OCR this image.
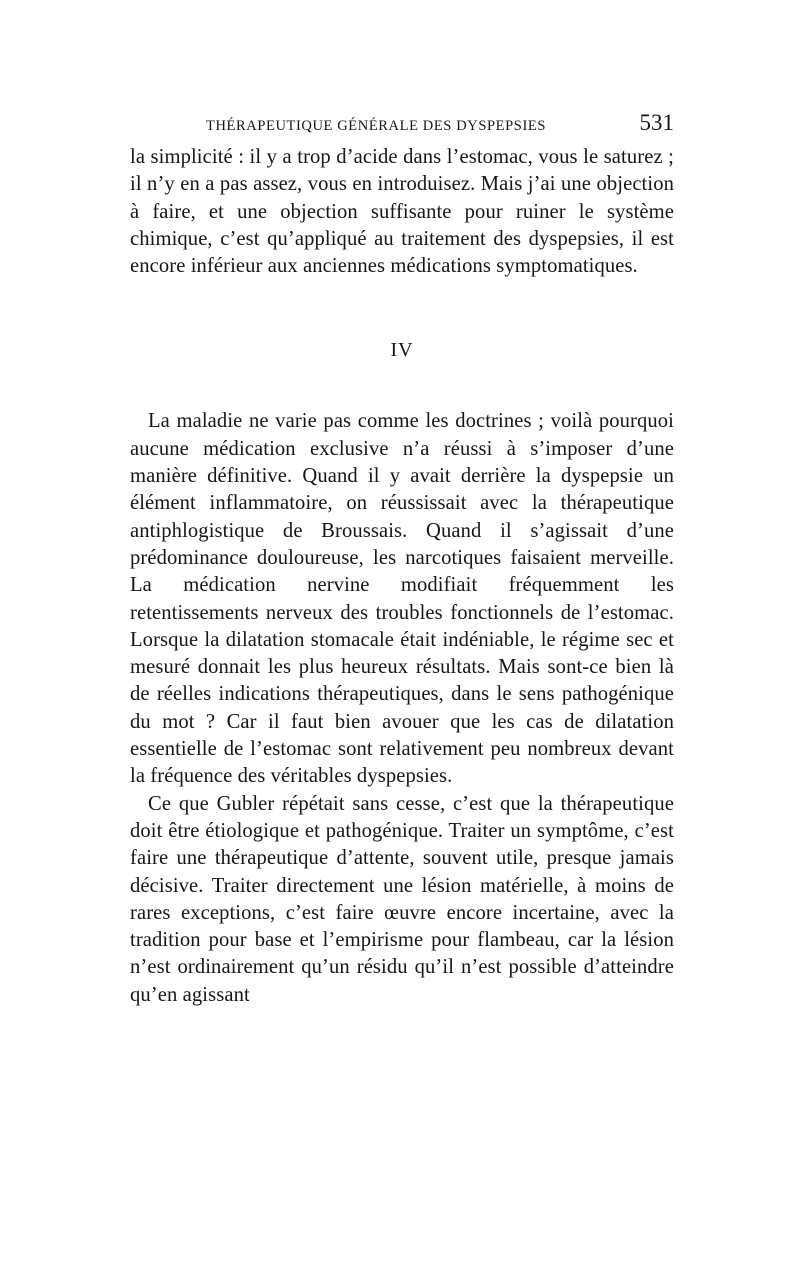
THÉRAPEUTIQUE GÉNÉRALE DES DYSPEPSIES	531

la simplicité : il y a trop d’acide dans l’estomac, vous le saturez ; il n’y en a pas assez, vous en introduisez. Mais j’ai une objection à faire, et une objection suffisante pour ruiner le système chimique, c’est qu’appliqué au traitement des dyspepsies, il est encore inférieur aux anciennes médications symptomatiques.

IV

La maladie ne varie pas comme les doctrines ; voilà pourquoi aucune médication exclusive n’a réussi à s’imposer d’une manière définitive. Quand il y avait derrière la dyspepsie un élément inflammatoire, on réussissait avec la thérapeutique antiphlogistique de Broussais. Quand il s’agissait d’une prédominance douloureuse, les narcotiques faisaient merveille. La médication nervine modifiait fréquemment les retentissements nerveux des troubles fonctionnels de l’estomac. Lorsque la dilatation stomacale était indéniable, le régime sec et mesuré donnait les plus heureux résultats. Mais sont-ce bien là de réelles indications thérapeutiques, dans le sens pathogénique du mot ? Car il faut bien avouer que les cas de dilatation essentielle de l’estomac sont relativement peu nombreux devant la fréquence des véritables dyspepsies.

Ce que Gubler répétait sans cesse, c’est que la thérapeutique doit être étiologique et pathogénique. Traiter un symptôme, c’est faire une thérapeutique d’attente, souvent utile, presque jamais décisive. Traiter directement une lésion matérielle, à moins de rares exceptions, c’est faire œuvre encore incertaine, avec la tradition pour base et l’empirisme pour flambeau, car la lésion n’est ordinairement qu’un résidu qu’il n’est possible d’atteindre qu’en agissant
